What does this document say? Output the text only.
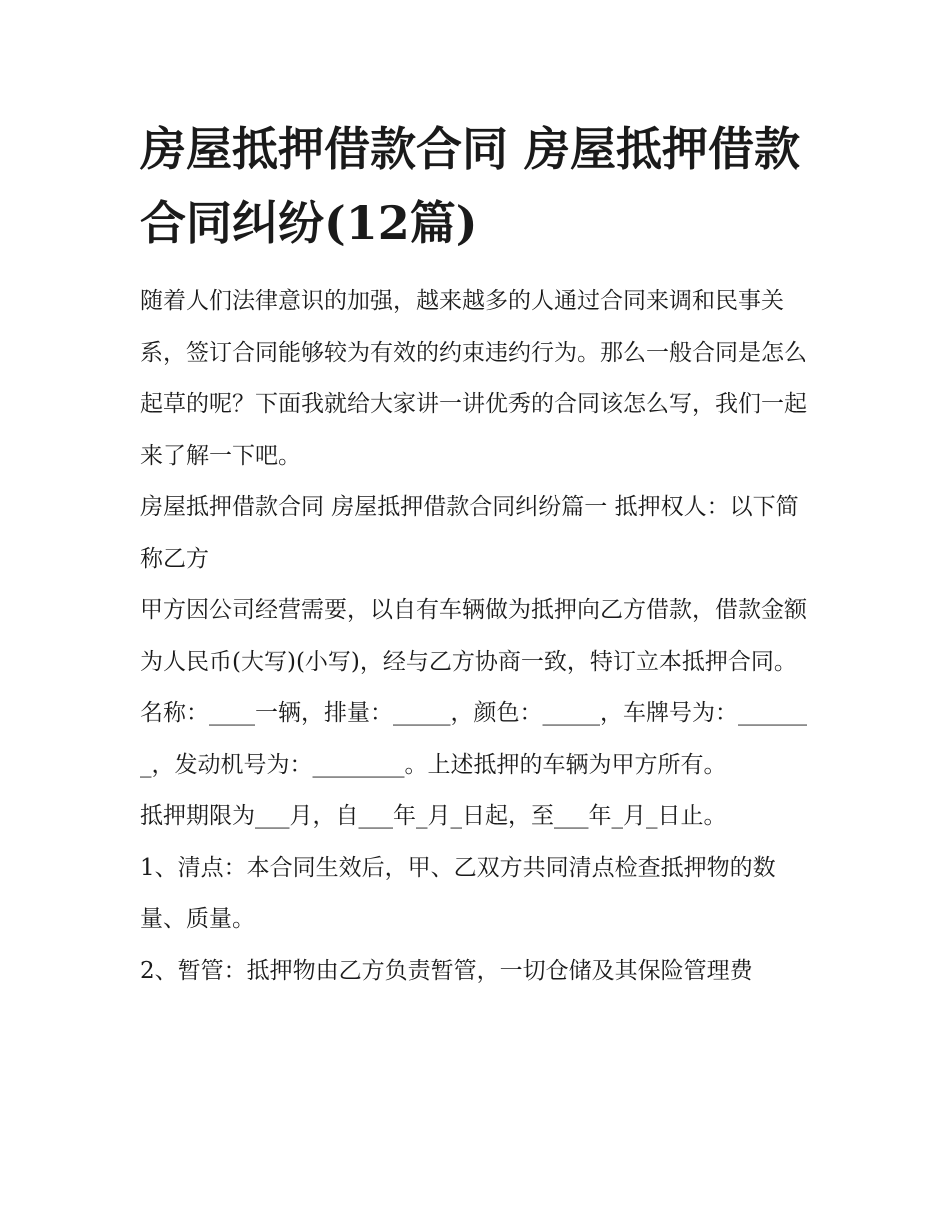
房屋抵押借款合同 房屋抵押借款合同纠纷(12篇)

随着人们法律意识的加强，越来越多的人通过合同来调和民事关系，签订合同能够较为有效的约束违约行为。那么一般合同是怎么起草的呢？下面我就给大家讲一讲优秀的合同该怎么写，我们一起来了解一下吧。

房屋抵押借款合同 房屋抵押借款合同纠纷篇一 抵押权人：以下简称乙方

甲方因公司经营需要，以自有车辆做为抵押向乙方借款，借款金额为人民币(大写)(小写)，经与乙方协商一致，特订立本抵押合同。

名称：____一辆，排量：_____，颜色：_____，车牌号为：_______，发动机号为：________。上述抵押的车辆为甲方所有。

抵押期限为___月，自___年_月_日起，至___年_月_日止。

1、清点：本合同生效后，甲、乙双方共同清点检查抵押物的数量、质量。

2、暂管：抵押物由乙方负责暂管，一切仓储及其保险管理费
